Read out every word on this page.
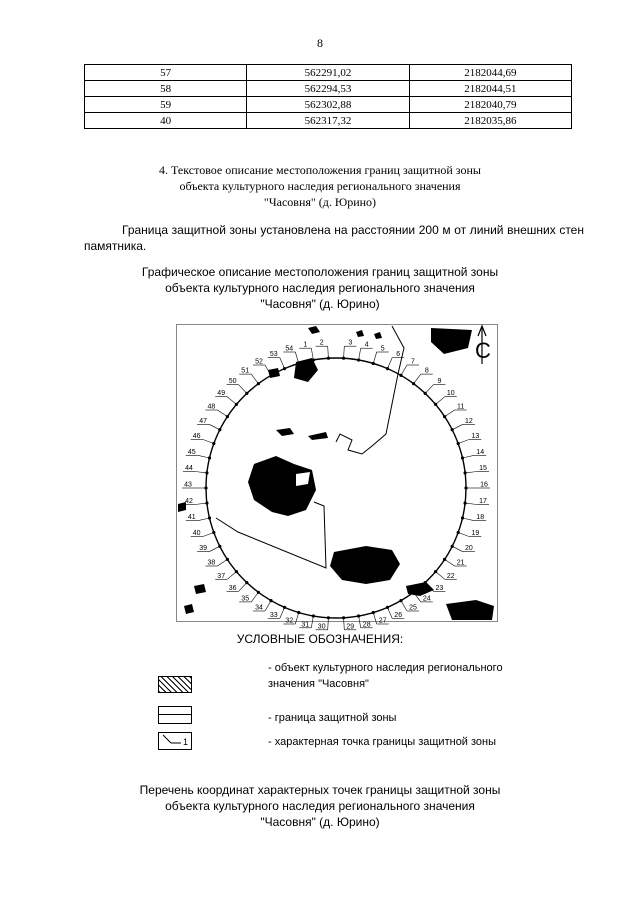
8
57	562291,02	2182044,69
58	562294,53	2182044,51
59	562302,88	2182040,79
40	562317,32	2182035,86
4. Текстовое описание местоположения границ защитной зоны
объекта культурного наследия регионального значения
"Часовня" (д. Юрино)
Граница защитной зоны установлена на расстоянии 200 м от линий внешних стен памятника.
Графическое описание местоположения границ защитной зоны
объекта культурного наследия регионального значения
"Часовня" (д. Юрино)
1 2	3 4
5
6
7
8
9
10
11
12
13
14
15
16
17
18
19
20
21
22
23
24
25
26
27
28
29
30
31
32
33
34
35
36
37
38
39
40
41
42
43
44
45
46
47
48
49
50
51
52
53
54	С
УСЛОВНЫЕ ОБОЗНАЧЕНИЯ:
- объект культурного наследия регионального
значения "Часовня"
- граница защитной зоны
1	- характерная точка границы защитной зоны
Перечень координат характерных точек границы защитной зоны
объекта культурного наследия регионального значения
"Часовня" (д. Юрино)
